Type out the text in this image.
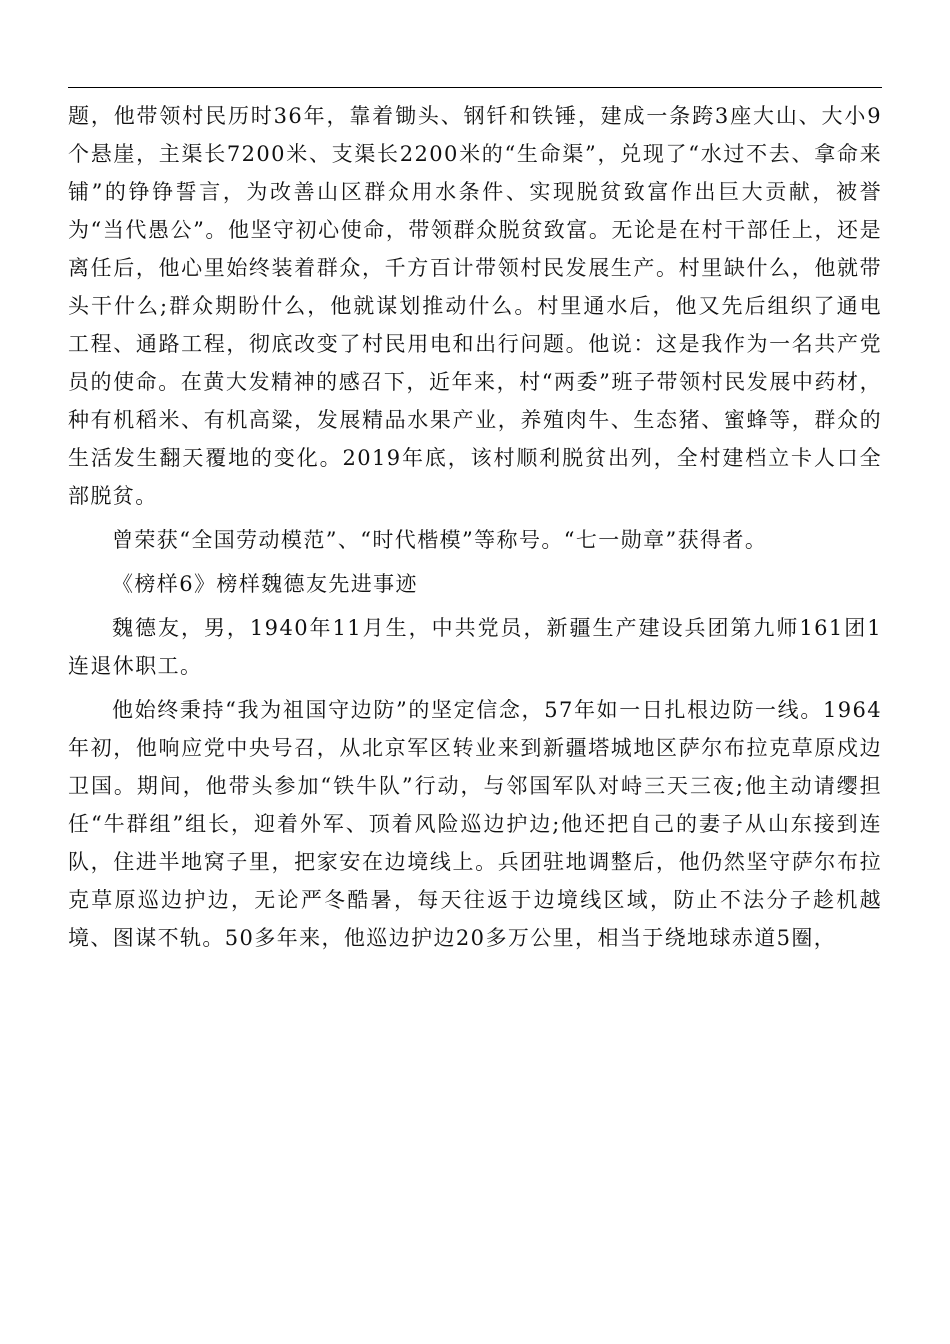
题，他带领村民历时36年，靠着锄头、钢钎和铁锤，建成一条跨3座大山、大小9个悬崖，主渠长7200米、支渠长2200米的“生命渠”，兑现了“水过不去、拿命来铺”的铮铮誓言，为改善山区群众用水条件、实现脱贫致富作出巨大贡献，被誉为“当代愚公”。他坚守初心使命，带领群众脱贫致富。无论是在村干部任上，还是离任后，他心里始终装着群众，千方百计带领村民发展生产。村里缺什么，他就带头干什么;群众期盼什么，他就谋划推动什么。村里通水后，他又先后组织了通电工程、通路工程，彻底改变了村民用电和出行问题。他说：这是我作为一名共产党员的使命。在黄大发精神的感召下，近年来，村“两委”班子带领村民发展中药材，种有机稻米、有机高粱，发展精品水果产业，养殖肉牛、生态猪、蜜蜂等，群众的生活发生翻天覆地的变化。2019年底，该村顺利脱贫出列，全村建档立卡人口全部脱贫。

曾荣获“全国劳动模范”、“时代楷模”等称号。“七一勋章”获得者。

《榜样6》榜样魏德友先进事迹

魏德友，男，1940年11月生，中共党员，新疆生产建设兵团第九师161团1连退休职工。

他始终秉持“我为祖国守边防”的坚定信念，57年如一日扎根边防一线。1964年初，他响应党中央号召，从北京军区转业来到新疆塔城地区萨尔布拉克草原戍边卫国。期间，他带头参加“铁牛队”行动，与邻国军队对峙三天三夜;他主动请缨担任“牛群组”组长，迎着外军、顶着风险巡边护边;他还把自己的妻子从山东接到连队，住进半地窝子里，把家安在边境线上。兵团驻地调整后，他仍然坚守萨尔布拉克草原巡边护边，无论严冬酷暑，每天往返于边境线区域，防止不法分子趁机越境、图谋不轨。50多年来，他巡边护边20多万公里，相当于绕地球赤道5圈，
